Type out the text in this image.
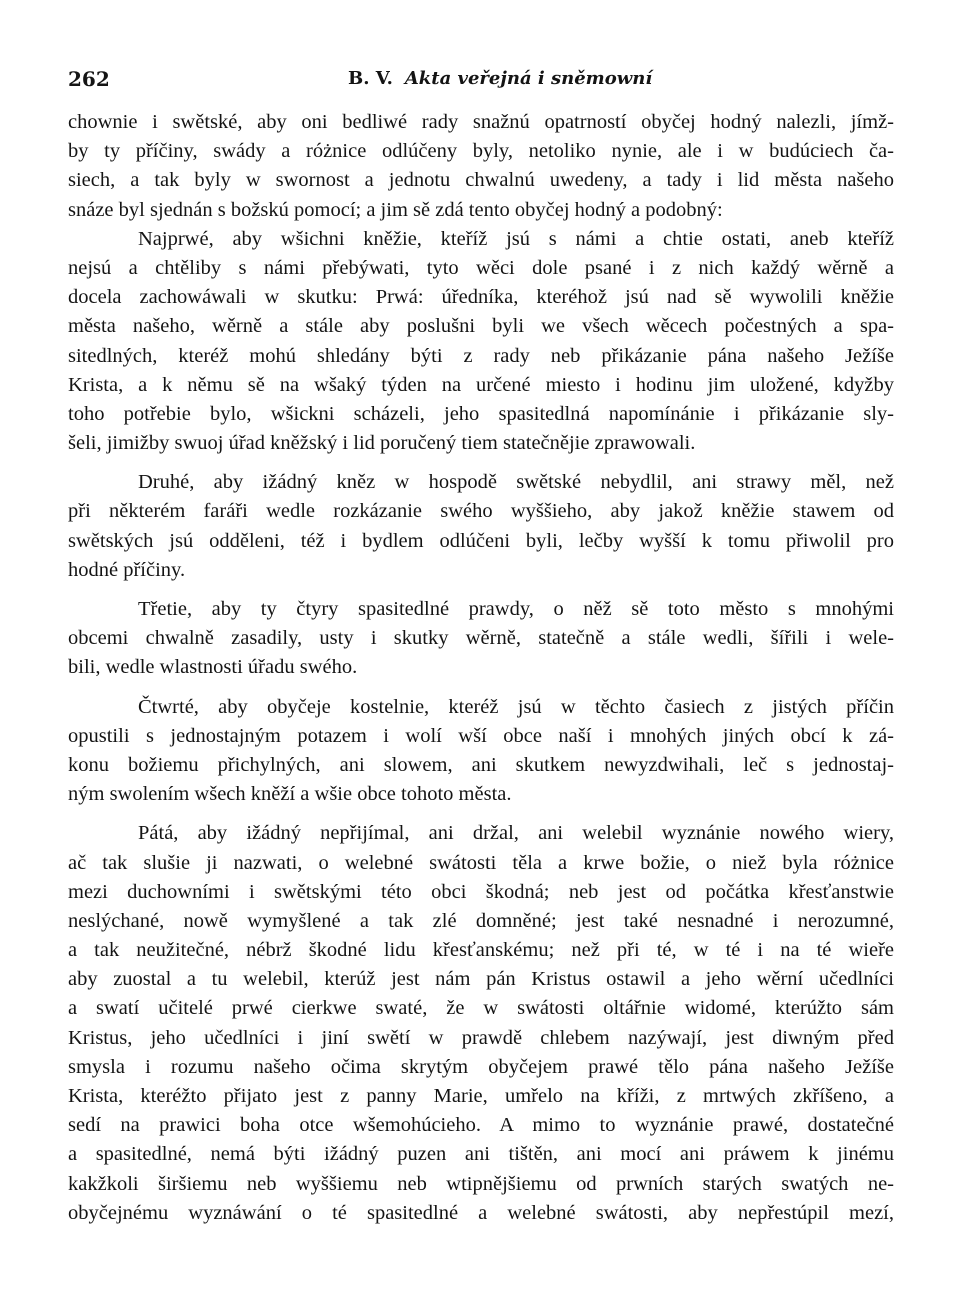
262	B. V. Akta veřejná i sněmowní
chownie i swětské, aby oni bedliwé rady snažnú opatrností obyčej hodný nalezli, jímž-
by ty příčiny, swády a różnice odlúčeny byly, netoliko nynie, ale i w budúciech ča-
siech, a tak byly w swornost a jednotu chwalnú uwedeny, a tady i lid města našeho
snáze byl sjednán s božskú pomocí; a jim sě zdá tento obyčej hodný a podobný:
Najprwé, aby wšichni kněžie, kteříž jsú s námi a chtie ostati, aneb kteříž
nejsú a chtěliby s námi přebýwati, tyto wěci dole psané i z nich každý wěrně a
docela zachowáwali w skutku: Prwá: úředníka, kteréhož jsú nad sě wywolili kněžie
města našeho, wěrně a stále aby poslušni byli we všech wěcech počestných a spa-
sitedlných, kteréž mohú shledány býti z rady neb přikázanie pána našeho Ježíše
Krista, a k němu sě na wšaký týden na určené miesto i hodinu jim uložené, kdyžby
toho potřebie bylo, wšickni scházeli, jeho spasitedlná napomínánie i přikázanie sly-
šeli, jimižby swuoj úřad kněžský i lid poručený tiem statečnějie zprawowali.
Druhé, aby ižádný kněz w hospodě swětské nebydlil, ani strawy měl, než
při některém faráři wedle rozkázanie swého wyššieho, aby jakož kněžie stawem od
swětských jsú odděleni, též i bydlem odlúčeni byli, lečby wyšší k tomu přiwolil pro
hodné příčiny.
Třetie, aby ty čtyry spasitedlné prawdy, o něž sě toto město s mnohými
obcemi chwalně zasadily, usty i skutky wěrně, statečně a stále wedli, šířili i wele-
bili, wedle wlastnosti úřadu swého.
Čtwrté, aby obyčeje kostelnie, kteréž jsú w těchto časiech z jistých příčin
opustili s jednostajným potazem i wolí wší obce naší i mnohých jiných obcí k zá-
konu božiemu přichylných, ani slowem, ani skutkem newyzdwihali, leč s jednostaj-
ným swolením wšech kněží a wšie obce tohoto města.
Pátá, aby ižádný nepřijímal, ani držal, ani welebil wyznánie nowého wiery,
ač tak slušie ji nazwati, o welebné swátosti těla a krwe božie, o niež byla różnice
mezi duchowními i swětskými této obci škodná; neb jest od počátka křesťanstwie
neslýchané, nowě wymyšlené a tak zlé domněné; jest také nesnadné i nerozumné,
a tak neužitečné, nébrž škodné lidu křesťanskému; než při té, w té i na té wieře
aby zuostal a tu welebil, kterúž jest nám pán Kristus ostawil a jeho wěrní učedlníci
a swatí učitelé prwé cierkwe swaté, že w swátosti oltářnie widomé, kterúžto sám
Kristus, jeho učedlníci i jiní swětí w prawdě chlebem nazýwají, jest diwným před
smysla i rozumu našeho očima skrytým obyčejem prawé tělo pána našeho Ježíše
Krista, kteréžto přijato jest z panny Marie, umřelo na kříži, z mrtwých zkříšeno, a
sedí na prawici boha otce wšemohúcieho. A mimo to wyznánie prawé, dostatečné
a spasitedlné, nemá býti ižádný puzen ani tištěn, ani mocí ani práwem k jinému
kakžkoli širšiemu neb wyššiemu neb wtipnějšiemu od prwních starých swatých ne-
obyčejnému wyznáwání o té spasitedlné a welebné swátosti, aby nepřestúpil mezí,
